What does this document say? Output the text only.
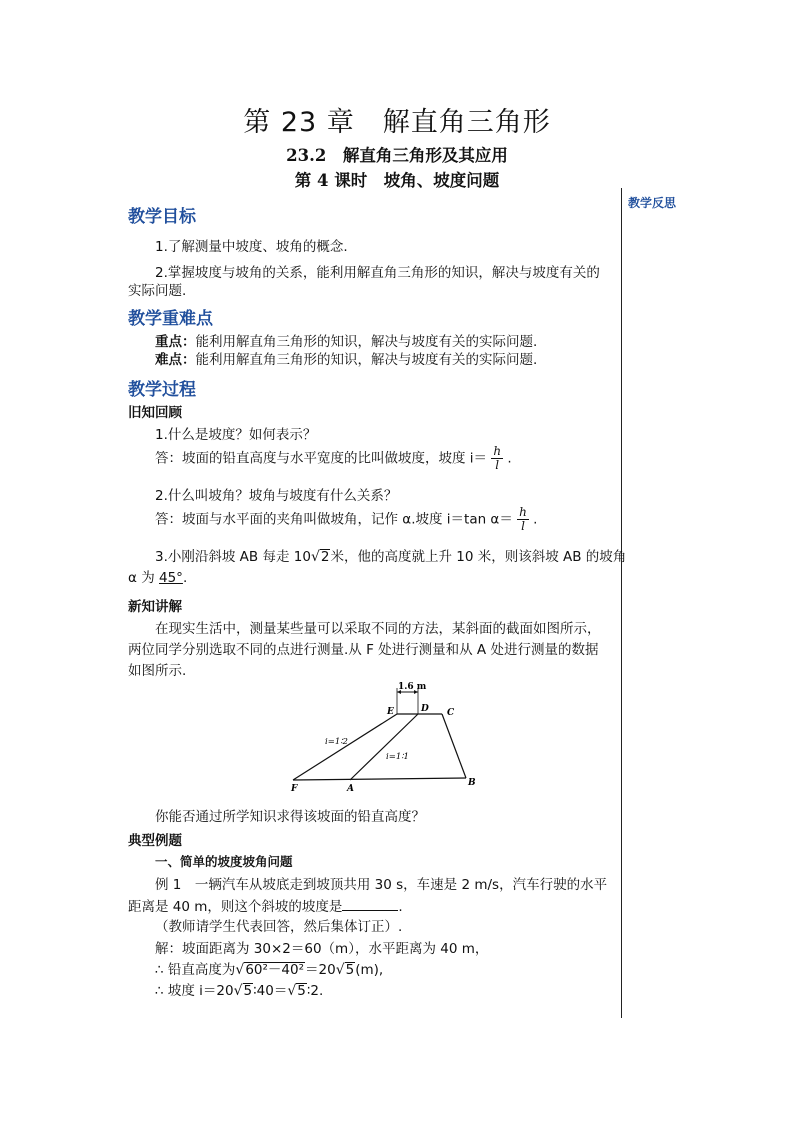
第 23 章　解直角三角形
23.2　解直角三角形及其应用
第 4 课时　坡角、坡度问题
教学反思
教学目标
1.了解测量中坡度、坡角的概念.
2.掌握坡度与坡角的关系，能利用解直角三角形的知识，解决与坡度有关的
实际问题.
教学重难点
重点：能利用解直角三角形的知识，解决与坡度有关的实际问题.
难点：能利用解直角三角形的知识，解决与坡度有关的实际问题.
教学过程
旧知回顾
1.什么是坡度？如何表示？
答：坡面的铅直高度与水平宽度的比叫做坡度，坡度 $i= \frac{h}{l}$ .
2.什么叫坡角？坡角与坡度有什么关系？
答：坡面与水平面的夹角叫做坡角，记作 α.坡度 i＝tan $\alpha= \frac{h}{l}$ .
3.小刚沿斜坡 AB 每走 10√2米，他的高度就上升 10 米，则该斜坡 AB 的坡角
α 为 45°.
新知讲解
在现实生活中，测量某些量可以采取不同的方法，某斜面的截面如图所示，
两位同学分别选取不同的点进行测量.从 F 处进行测量和从 A 处进行测量的数据
如图所示.
1.6 m
E	D C
F	A
B
i=1∶2
i=1∶1
你能否通过所学知识求得该坡面的铅直高度？
典型例题
一、简单的坡度坡角问题
例 1　一辆汽车从坡底走到坡顶共用 30 s，车速是 2 m/s，汽车行驶的水平
距离是 40 m，则这个斜坡的坡度是	.
（教师请学生代表回答，然后集体订正）.
解：坡面距离为 30×2＝60（m），水平距离为 40 m，
∴ 铅直高度为√60²－40²＝20√5(m),
∴ 坡度 i＝20√5∶40＝√5∶2.
